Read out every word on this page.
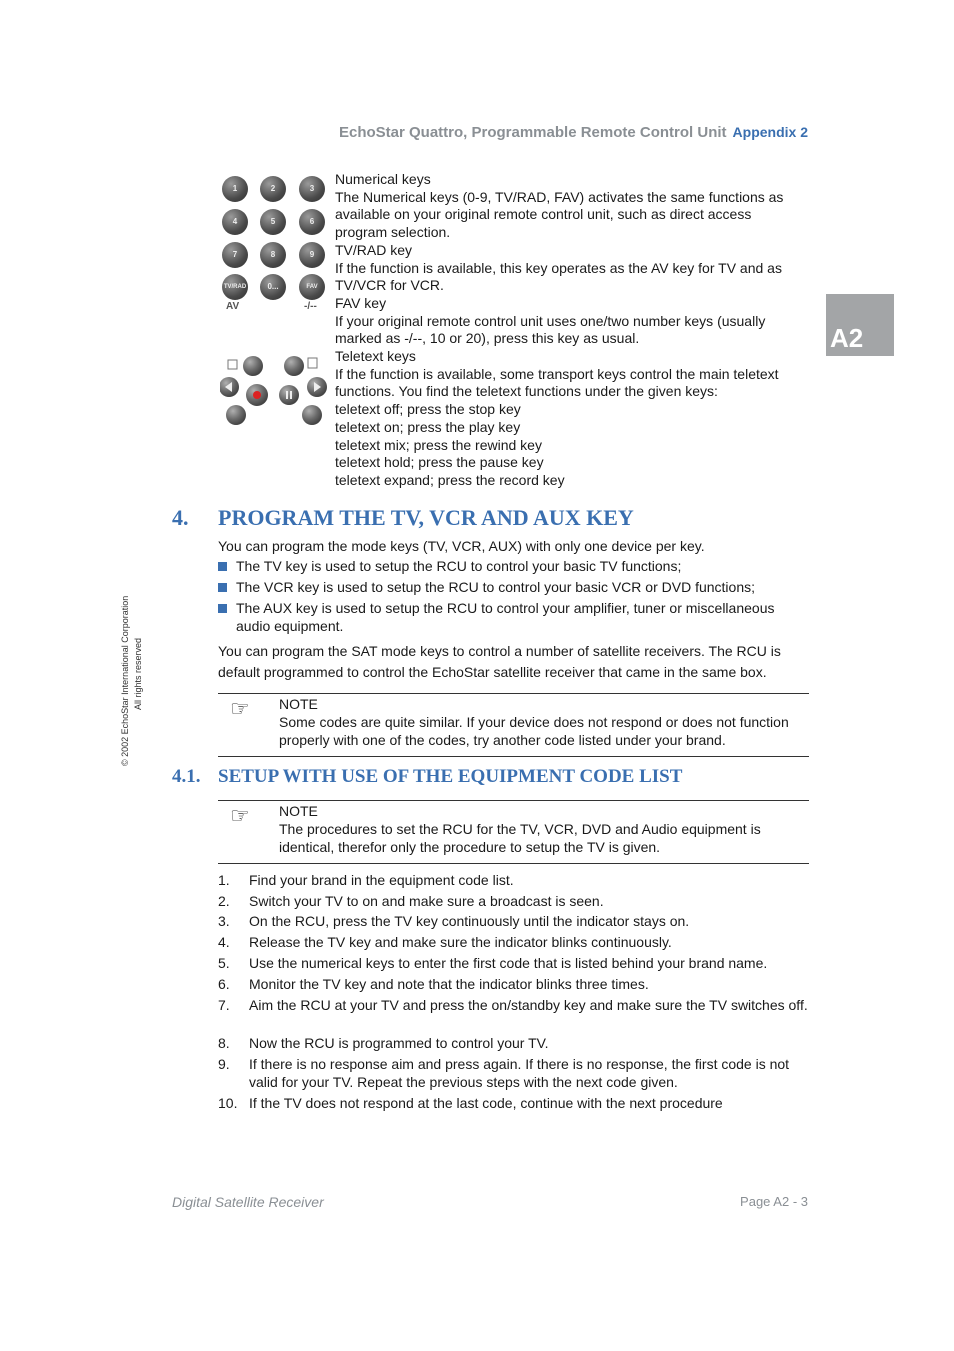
EchoStar Quattro, Programmable Remote Control Unit Appendix 2
A2
© 2002 EchoStar International Corporation All rights reserved
1	2	3
4	5	6
7	8	9
TV/RAD	0...	FAV
AV	-/--
Numerical keys
The Numerical keys (0-9, TV/RAD, FAV) activates the same functions as
available on your original remote control unit, such as direct access
program selection.
TV/RAD key
If the function is available, this key operates as the AV key for TV and as
TV/VCR for VCR.
FAV key
If your original remote control unit uses one/two number keys (usually
marked as -/--, 10 or 20), press this key as usual.
Teletext keys
If the function is available, some transport keys control the main teletext
functions. You find the teletext functions under the given keys:
teletext off; press the stop key
teletext on; press the play key
teletext mix; press the rewind key
teletext hold; press the pause key
teletext expand; press the record key
4. PROGRAM THE TV, VCR AND AUX KEY
You can program the mode keys (TV, VCR, AUX) with only one device per key.
The TV key is used to setup the RCU to control your basic TV functions;
The VCR key is used to setup the RCU to control your basic VCR or DVD functions;
The AUX key is used to setup the RCU to control your amplifier, tuner or miscellaneous audio equipment.
You can program the SAT mode keys to control a number of satellite receivers. The RCU is default programmed to control the EchoStar satellite receiver that came in the same box.
☞ NOTE
Some codes are quite similar. If your device does not respond or does not function properly with one of the codes, try another code listed under your brand.
4.1. SETUP WITH USE OF THE EQUIPMENT CODE LIST
☞ NOTE
The procedures to set the RCU for the TV, VCR, DVD and Audio equipment is identical, therefor only the procedure to setup the TV is given.
1. Find your brand in the equipment code list.
2. Switch your TV to on and make sure a broadcast is seen.
3. On the RCU, press the TV key continuously until the indicator stays on.
4. Release the TV key and make sure the indicator blinks continuously.
5. Use the numerical keys to enter the first code that is listed behind your brand name.
6. Monitor the TV key and note that the indicator blinks three times.
7. Aim the RCU at your TV and press the on/standby key and make sure the TV switches off.
8. Now the RCU is programmed to control your TV.
9. If there is no response aim and press again. If there is no response, the first code is not valid for your TV. Repeat the previous steps with the next code given.
10. If the TV does not respond at the last code, continue with the next procedure
Digital Satellite Receiver	Page A2 - 3
